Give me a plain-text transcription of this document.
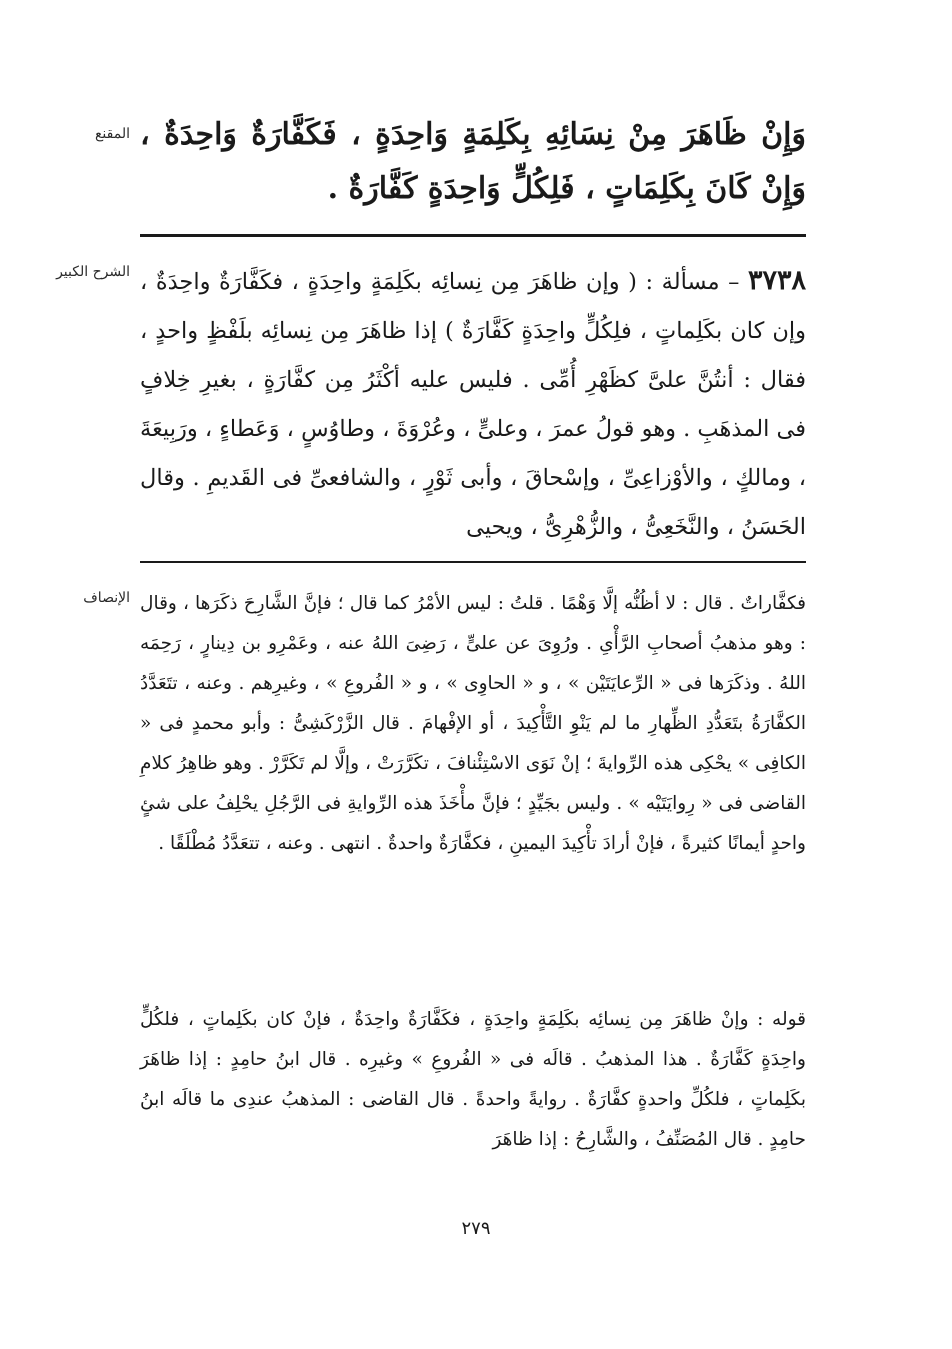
المقنع وَإِنْ ظَاهَرَ مِنْ نِسَائِهِ بِكَلِمَةٍ وَاحِدَةٍ ، فَكَفَّارَةٌ وَاحِدَةٌ ، وَإِنْ كَانَ بِكَلِمَاتٍ ، فَلِكُلٍّ وَاحِدَةٍ كَفَّارَةٌ .

الشرح الكبير	٣٧٣٨ – مسألة : ( وإن ظاهَرَ مِن نِسائِه بكَلِمَةٍ واحِدَةٍ ، فكَفَّارَةٌ واحِدَةٌ ، وإن كان بكَلِماتٍ ، فلِكُلٍّ واحِدَةٍ كَفَّارَةٌ ) إذا ظاهَرَ مِن نِسائِه بلَفْظٍ واحدٍ ، فقال : أنتُنَّ علىَّ كظَهْرِ أُمِّى . فليس عليه أكْثَرُ مِن كفَّارَةٍ ، بغيرِ خِلافٍ فى المذهَبِ . وهو قولُ عمرَ ، وعلىٍّ ، وعُرْوَةَ ، وطاوُسٍ ، وَعَطاءٍ ، ورَبِيعَةَ ، ومالكٍ ، والأوْزاعِىِّ ، وإسْحاقَ ، وأبى ثَوْرٍ ، والشافعىِّ فى القَديمِ . وقال الحَسَنُ ، والنَّخَعِىُّ ، والزُّهْرِىُّ ، ويحيى

الإنصاف فكفَّاراتٌ . قال : لا أظُنُّه إلَّا وَهْمًا . قلتُ : ليس الأمْرُ كما قال ؛ فإنَّ الشَّارِحَ ذكَرَها ، وقال : وهو مذهبُ أصحابِ الرَّأْىِ . ورُوِىَ عن علىٍّ ، رَضِىَ اللهُ عنه ، وعَمْرِو بن دِينارٍ ، رَحِمَه اللهُ . وذكَرَها فى « الرِّعايَتَيْن » ، و « الحاوِى » ، و « الفُروعِ » ، وغيرِهم . وعنه ، تتَعَدَّدُ الكفَّارَةُ بتَعَدُّدِ الظِّهارِ ما لم يَنْوِ التَّأْكِيدَ ، أو الإفْهامَ . قال الزَّرْكَشِىُّ : وأبو محمدٍ فى « الكافِى » يحْكِى هذه الرِّوايةَ ؛ إنْ نَوَى الاسْتِئْنافَ ، تكَرَّرَتْ ، وإلَّا لم تَكَرَّرْ . وهو ظاهِرُ كلامِ القاضى فى « رِوايَتَيْه » . وليس بجَيِّدٍ ؛ فإنَّ مأْخَذَ هذه الرِّوايةِ فى الرَّجُلِ يحْلِفُ على شئٍ واحدٍ أيمانًا كثيرةً ، فإنْ أرادَ تأْكِيدَ اليمينِ ، فكفَّارَةٌ واحدةٌ . انتهى . وعنه ، تتعَدَّدُ مُطْلَقًا .

قوله : وإنْ ظاهَرَ مِن نِسائِه بكَلِمَةٍ واحِدَةٍ ، فكَفَّارَةٌ واحِدَةٌ ، فإنْ كان بكَلِماتٍ ، فلكُلٍّ واحِدَةٍ كَفَّارَةٌ . هذا المذهبُ . قالَه فى « الفُروعِ » وغيرِه . قال ابنُ حامِدٍ : إذا ظاهَرَ بكَلِماتٍ ، فلكُلِّ واحدةٍ كفَّارَةٌ . روايةً واحدةً . قال القاضى : المذهبُ عندِى ما قالَه ابنُ حامِدٍ . قال المُصَنِّفُ ، والشَّارِحُ : إذا ظاهَرَ

٢٧٩
